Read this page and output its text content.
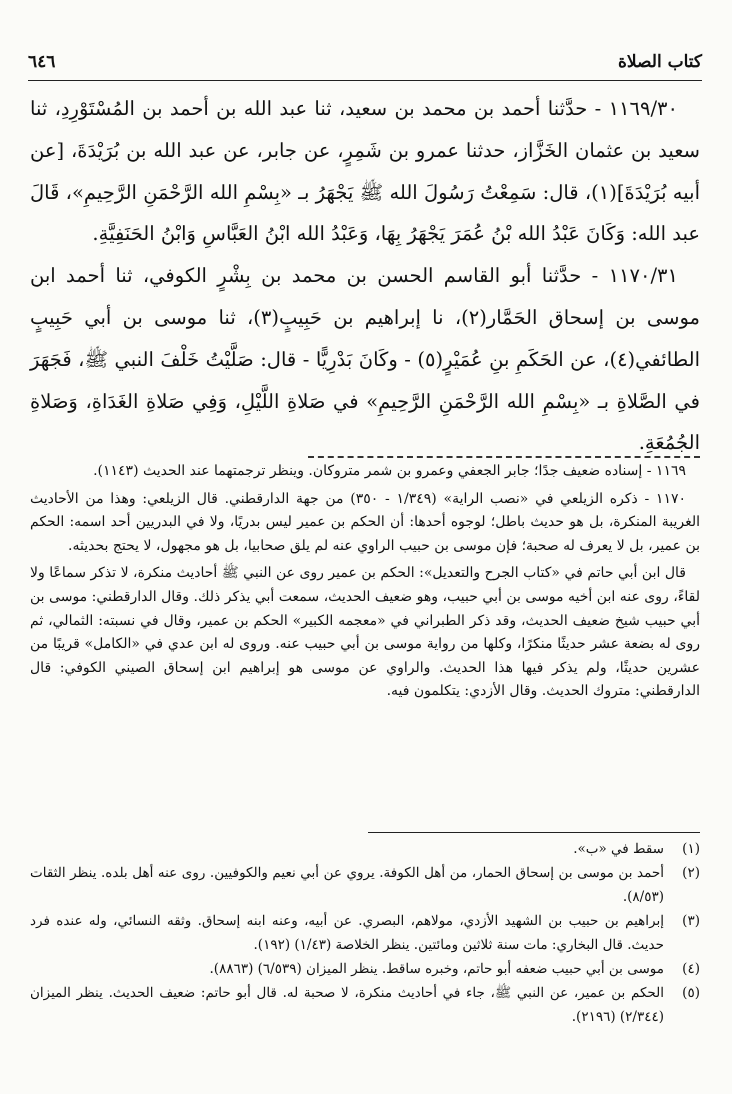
كتاب الصلاة
٦٤٦

١١٦٩/٣٠ - حدَّثنا أحمد بن محمد بن سعيد، ثنا عبد الله بن أحمد بن المُسْتَوْرِدِ، ثنا سعيد بن عثمان الخَزَّاز، حدثنا عمرو بن شَمِرٍ، عن جابر، عن عبد الله بن بُرَيْدَةَ، [عن أبيه بُرَيْدَةَ](١)، قال: سَمِعْتُ رَسُولَ الله ﷺ يَجْهَرُ بـ «بِسْمِ الله الرَّحْمَنِ الرَّحِيمِ»، قَالَ عبد الله: وَكَانَ عَبْدُ الله بْنُ عُمَرَ يَجْهَرُ بِهَا، وَعَبْدُ الله ابْنُ العَبَّاسِ وَابْنُ الحَنَفِيَّةِ.

١١٧٠/٣١ - حدَّثنا أبو القاسم الحسن بن محمد بن بِشْرٍ الكوفي، ثنا أحمد ابن موسى بن إسحاق الحَمَّار(٢)، نا إبراهيم بن حَبِيبٍ(٣)، ثنا موسى بن أبي حَبِيبٍ الطائفي(٤)، عن الحَكَمِ بنِ عُمَيْرٍ(٥) - وكَانَ بَدْرِيًّا - قال: صَلَّيْتُ خَلْفَ النبي ﷺ، فَجَهَرَ في الصَّلاةِ بـ «بِسْمِ الله الرَّحْمَنِ الرَّحِيمِ» في صَلاةِ اللَّيْلِ، وَفِي صَلاةِ الغَدَاةِ، وَصَلاةِ الجُمُعَةِ.

١١٦٩ - إسناده ضعيف جدًا؛ جابر الجعفي وعمرو بن شمر متروكان. وينظر ترجمتهما عند الحديث (١١٤٣).

١١٧٠ - ذكره الزيلعي في «نصب الراية» (١/٣٤٩ - ٣٥٠) من جهة الدارقطني. قال الزيلعي: وهذا من الأحاديث الغريبة المنكرة، بل هو حديث باطل؛ لوجوه أحدها: أن الحكم بن عمير ليس بدريًا، ولا في البدريين أحد اسمه: الحكم بن عمير، بل لا يعرف له صحبة؛ فإن موسى بن حبيب الراوي عنه لم يلق صحابيا، بل هو مجهول، لا يحتج بحديثه.

قال ابن أبي حاتم في «كتاب الجرح والتعديل»: الحكم بن عمير روى عن النبي ﷺ أحاديث منكرة، لا تذكر سماعًا ولا لقاءً، روى عنه ابن أخيه موسى بن أبي حبيب، وهو ضعيف الحديث، سمعت أبي يذكر ذلك. وقال الدارقطني: موسى بن أبي حبيب شيخ ضعيف الحديث، وقد ذكر الطبراني في «معجمه الكبير» الحكم بن عمير، وقال في نسبته: الثمالي، ثم روى له بضعة عشر حديثًا منكرًا، وكلها من رواية موسى بن أبي حبيب عنه. وروى له ابن عدي في «الكامل» قريبًا من عشرين حديثًا، ولم يذكر فيها هذا الحديث. والراوي عن موسى هو إبراهيم ابن إسحاق الصيني الكوفي: قال الدارقطني: متروك الحديث. وقال الأزدي: يتكلمون فيه.

(١)
سقط في «ب».
(٢)
أحمد بن موسى بن إسحاق الحمار، من أهل الكوفة. يروي عن أبي نعيم والكوفيين. روى عنه أهل بلده. ينظر الثقات (٨/٥٣).
(٣)
إبراهيم بن حبيب بن الشهيد الأزدي، مولاهم، البصري. عن أبيه، وعنه ابنه إسحاق. وثقه النسائي، وله عنده فرد حديث. قال البخاري: مات سنة ثلاثين ومائتين. ينظر الخلاصة (١/٤٣) (١٩٢).
(٤)
موسى بن أبي حبيب ضعفه أبو حاتم، وخبره ساقط. ينظر الميزان (٦/٥٣٩) (٨٨٦٣).
(٥)
الحكم بن عمير، عن النبي ﷺ، جاء في أحاديث منكرة، لا صحبة له. قال أبو حاتم: ضعيف الحديث. ينظر الميزان (٢/٣٤٤) (٢١٩٦).
